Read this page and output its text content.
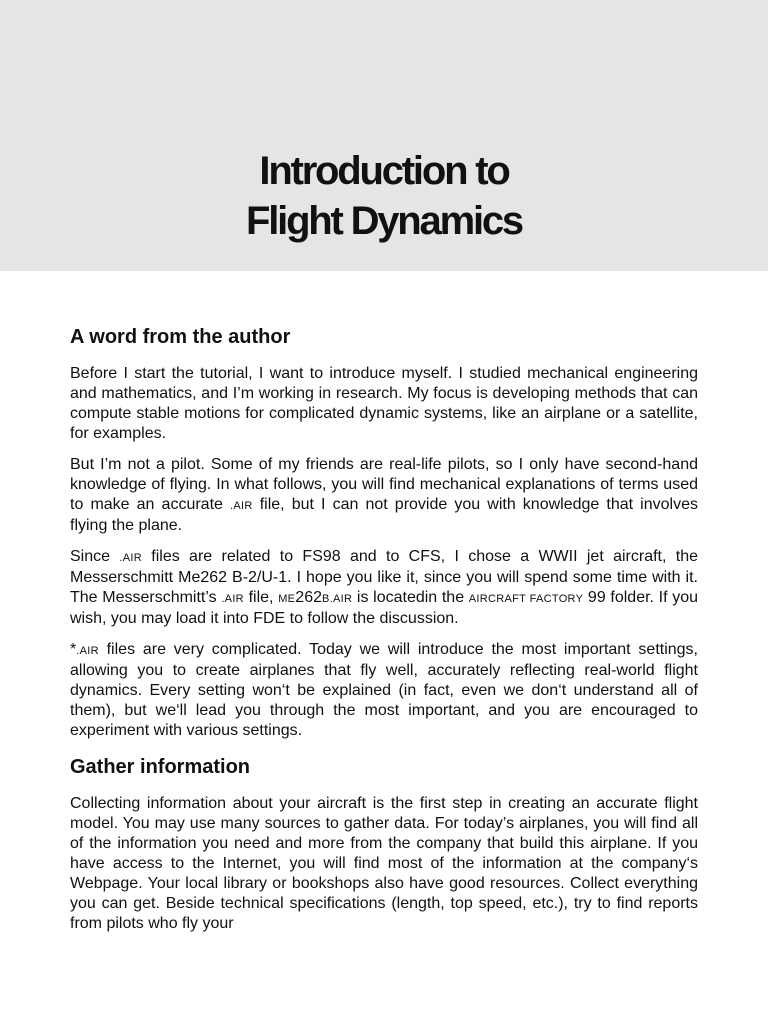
Introduction to
Flight Dynamics
A word from the author

Before I start the tutorial, I want to introduce myself. I studied mechanical engineering and mathematics, and I’m working in research. My focus is developing methods that can compute stable motions for complicated dynamic systems, like an airplane or a satellite, for examples.

But I’m not a pilot. Some of my friends are real-life pilots, so I only have second-hand knowledge of flying. In what follows, you will find mechanical explanations of terms used to make an accurate .AIR file, but I can not provide you with knowledge that involves flying the plane.

Since .AIR files are related to FS98 and to CFS, I chose a WWII jet aircraft, the Messerschmitt Me262 B-2/U-1. I hope you like it, since you will spend some time with it. The Messerschmitt’s .AIR file, ME262B.AIR is locatedin the AIRCRAFT FACTORY 99 folder. If you wish, you may load it into FDE to follow the discussion.

*.AIR files are very complicated. Today we will introduce the most important settings, allowing you to create airplanes that fly well, accurately reflecting real-world flight dynamics. Every setting won‘t be explained (in fact, even we don‘t understand all of them), but we‘ll lead you through the most important, and you are encouraged to experiment with various settings.

Gather information

Collecting information about your aircraft is the first step in creating an accurate flight model. You may use many sources to gather data. For today’s airplanes, you will find all of the information you need and more from the company that build this airplane. If you have access to the Internet, you will find most of the information at the company‘s Webpage. Your local library or bookshops also have good resources. Collect everything you can get. Beside technical specifications (length, top speed, etc.), try to find reports from pilots who fly your
